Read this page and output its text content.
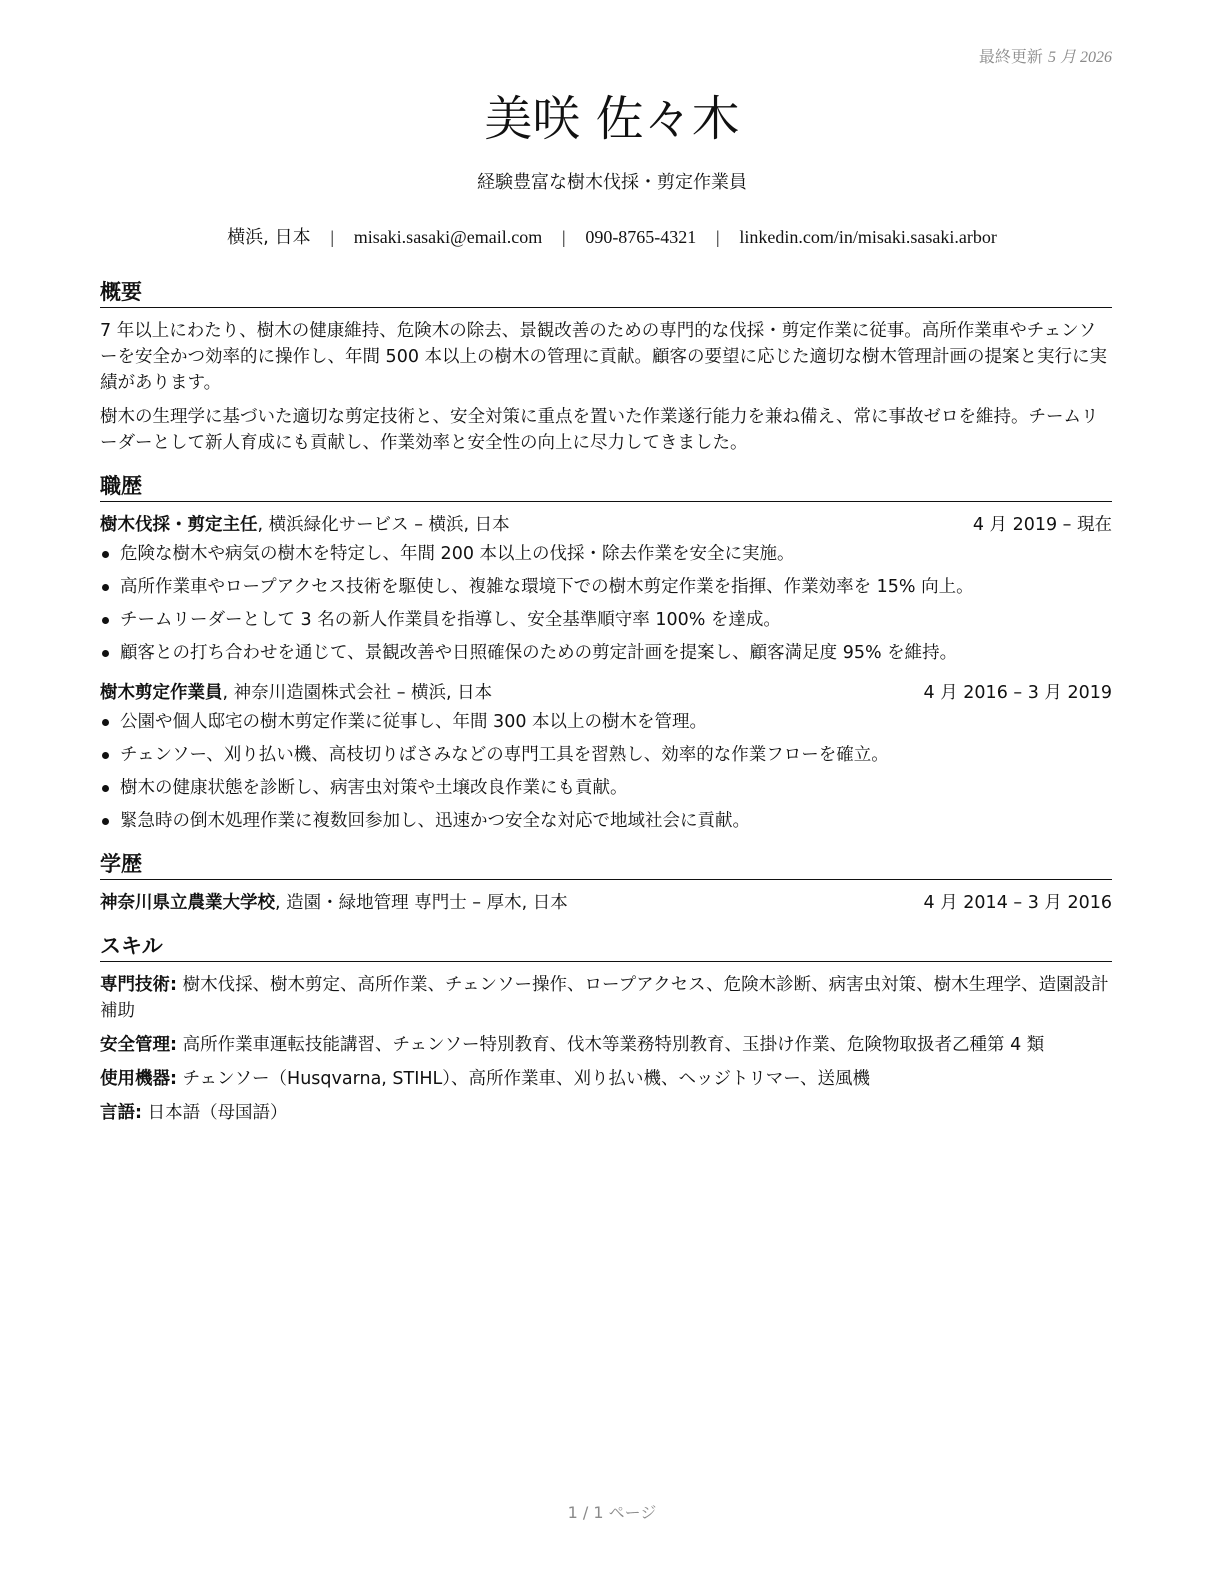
最終更新 5 月 2026
美咲 佐々木
経験豊富な樹木伐採・剪定作業員
横浜, 日本 | misaki.sasaki@email.com | 090-8765-4321 | linkedin.com/in/misaki.sasaki.arbor
概要

7 年以上にわたり、樹木の健康維持、危険木の除去、景観改善のための専門的な伐採・剪定作業に従事。高所作業車やチェンソーを安全かつ効率的に操作し、年間 500 本以上の樹木の管理に貢献。顧客の要望に応じた適切な樹木管理計画の提案と実行に実績があります。

樹木の生理学に基づいた適切な剪定技術と、安全対策に重点を置いた作業遂行能力を兼ね備え、常に事故ゼロを維持。チームリーダーとして新人育成にも貢献し、作業効率と安全性の向上に尽力してきました。

職歴
樹木伐採・剪定主任, 横浜緑化サービス – 横浜, 日本	4 月 2019 – 現在
危険な樹木や病気の樹木を特定し、年間 200 本以上の伐採・除去作業を安全に実施。
高所作業車やロープアクセス技術を駆使し、複雑な環境下での樹木剪定作業を指揮、作業効率を 15% 向上。
チームリーダーとして 3 名の新人作業員を指導し、安全基準順守率 100% を達成。
顧客との打ち合わせを通じて、景観改善や日照確保のための剪定計画を提案し、顧客満足度 95% を維持。
樹木剪定作業員, 神奈川造園株式会社 – 横浜, 日本	4 月 2016 – 3 月 2019
公園や個人邸宅の樹木剪定作業に従事し、年間 300 本以上の樹木を管理。
チェンソー、刈り払い機、高枝切りばさみなどの専門工具を習熟し、効率的な作業フローを確立。
樹木の健康状態を診断し、病害虫対策や土壌改良作業にも貢献。
緊急時の倒木処理作業に複数回参加し、迅速かつ安全な対応で地域社会に貢献。
学歴
神奈川県立農業大学校, 造園・緑地管理 専門士 – 厚木, 日本	4 月 2014 – 3 月 2016
スキル

専門技術: 樹木伐採、樹木剪定、高所作業、チェンソー操作、ロープアクセス、危険木診断、病害虫対策、樹木生理学、造園設計補助

安全管理: 高所作業車運転技能講習、チェンソー特別教育、伐木等業務特別教育、玉掛け作業、危険物取扱者乙種第 4 類

使用機器: チェンソー（Husqvarna, STIHL）、高所作業車、刈り払い機、ヘッジトリマー、送風機

言語: 日本語（母国語）

1 / 1 ページ
